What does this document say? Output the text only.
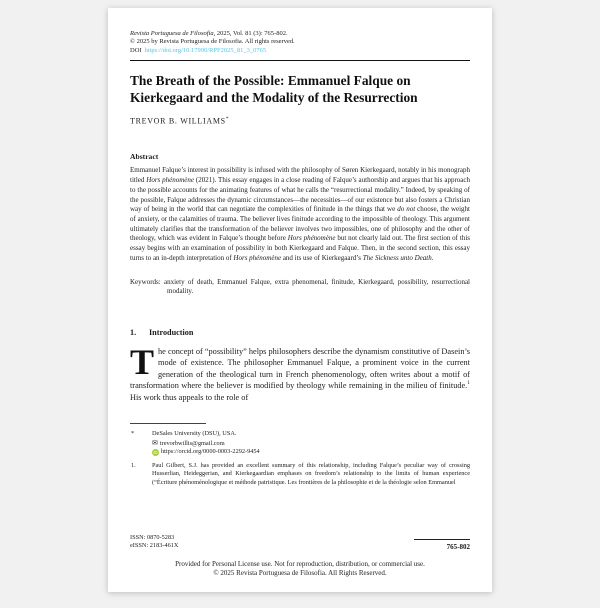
Revista Portuguesa de Filosofia, 2025, Vol. 81 (3): 765-802.
© 2025 by Revista Portuguesa de Filosofia. All rights reserved.
DOI https://doi.org/10.17990/RPF2025_81_3_0765
The Breath of the Possible: Emmanuel Falque on Kierkegaard and the Modality of the Resurrection
TREVOR B. WILLIAMS*
Abstract

Emmanuel Falque’s interest in possibility is infused with the philosophy of Søren Kierkegaard, notably in his monograph titled Hors phénomène (2021). This essay engages in a close reading of Falque’s authorship and argues that his approach to the possible accounts for the animating features of what he calls the “resurrectional modality.” Indeed, by speaking of the possible, Falque addresses the dynamic circumstances—the necessities—of our existence but also fosters a Christian way of being in the world that can negotiate the complexities of finitude in the things that we do not choose, the weight of anxiety, or the calamities of trauma. The believer lives finitude according to the impossible of theology. This argument ultimately clarifies that the transformation of the believer involves two impossibles, one of philosophy and the other of theology, which was evident in Falque’s thought before Hors phénomène but not clearly laid out. The first section of this essay begins with an examination of possibility in both Kierkegaard and Falque. Then, in the second section, this essay turns to an in-depth interpretation of Hors phénomène and its use of Kierkegaard’s The Sickness unto Death.

Keywords: anxiety of death, Emmanuel Falque, extra phenomenal, finitude, Kierkegaard, possibility, resurrectional modality.

1. Introduction

The concept of “possibility” helps philosophers describe the dynamism constitutive of Dasein’s mode of existence. The philosopher Emmanuel Falque, a prominent voice in the current generation of the theological turn in French phenomenology, often writes about a motif of transformation where the believer is modified by theology while remaining in the milieu of finitude.$^1$ His work thus appeals to the role of

*	DeSales University (DSU), USA.
✉ trevorbwillis@gmail.com
iD https://orcid.org/0000-0003-2292-9454
1.	Paul Gilbert, S.J. has provided an excellent summary of this relationship, including Falque’s peculiar way of crossing Husserlian, Heideggerian, and Kierkegaardian emphases on freedom’s relationship to the limits of human experience (“Écriture phénoménologique et méthode patristique. Les frontières de la philosophie et de la théologie selon Emmanuel
ISSN: 0870-5283
eISSN: 2183-461X	765-802
Provided for Personal License use. Not for reproduction, distribution, or commercial use.
© 2025 Revista Portuguesa de Filosofia. All Rights Reserved.
